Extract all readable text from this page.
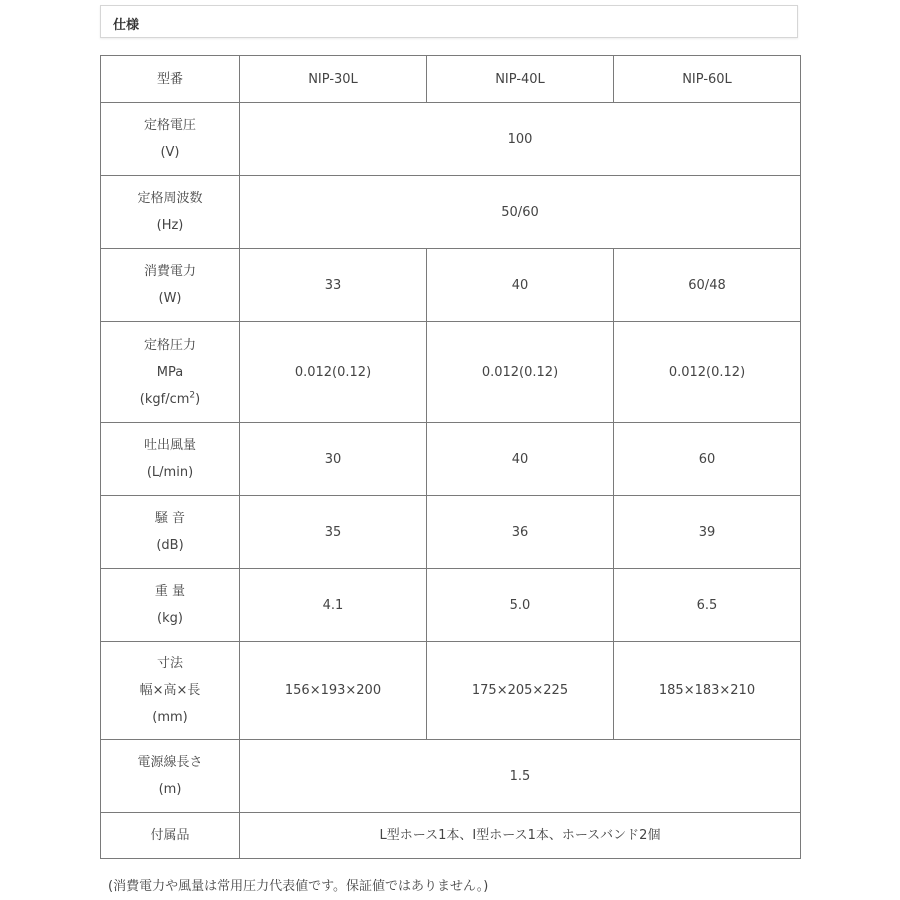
仕様
型番	NIP-30L	NIP-40L	NIP-60L

定格電圧
(V)	100		

定格周波数
(Hz)	50/60		

消費電力
(W)	33	40	60/48

定格圧力
MPa
$(kgf/cm^2)$	0.012(0.12)	0.012(0.12)	0.012(0.12)

吐出風量
(L/min)	30	40	60

騒 音
(dB)	35	36	39

重 量
(kg)	4.1	5.0	6.5

寸法
幅×高×長
(mm)	156×193×200	175×205×225	185×183×210

電源線長さ
(m)	1.5		
付属品	L型ホース1本、I型ホース1本、ホースバンド2個		
(消費電力や風量は常用圧力代表値です。保証値ではありません。)
